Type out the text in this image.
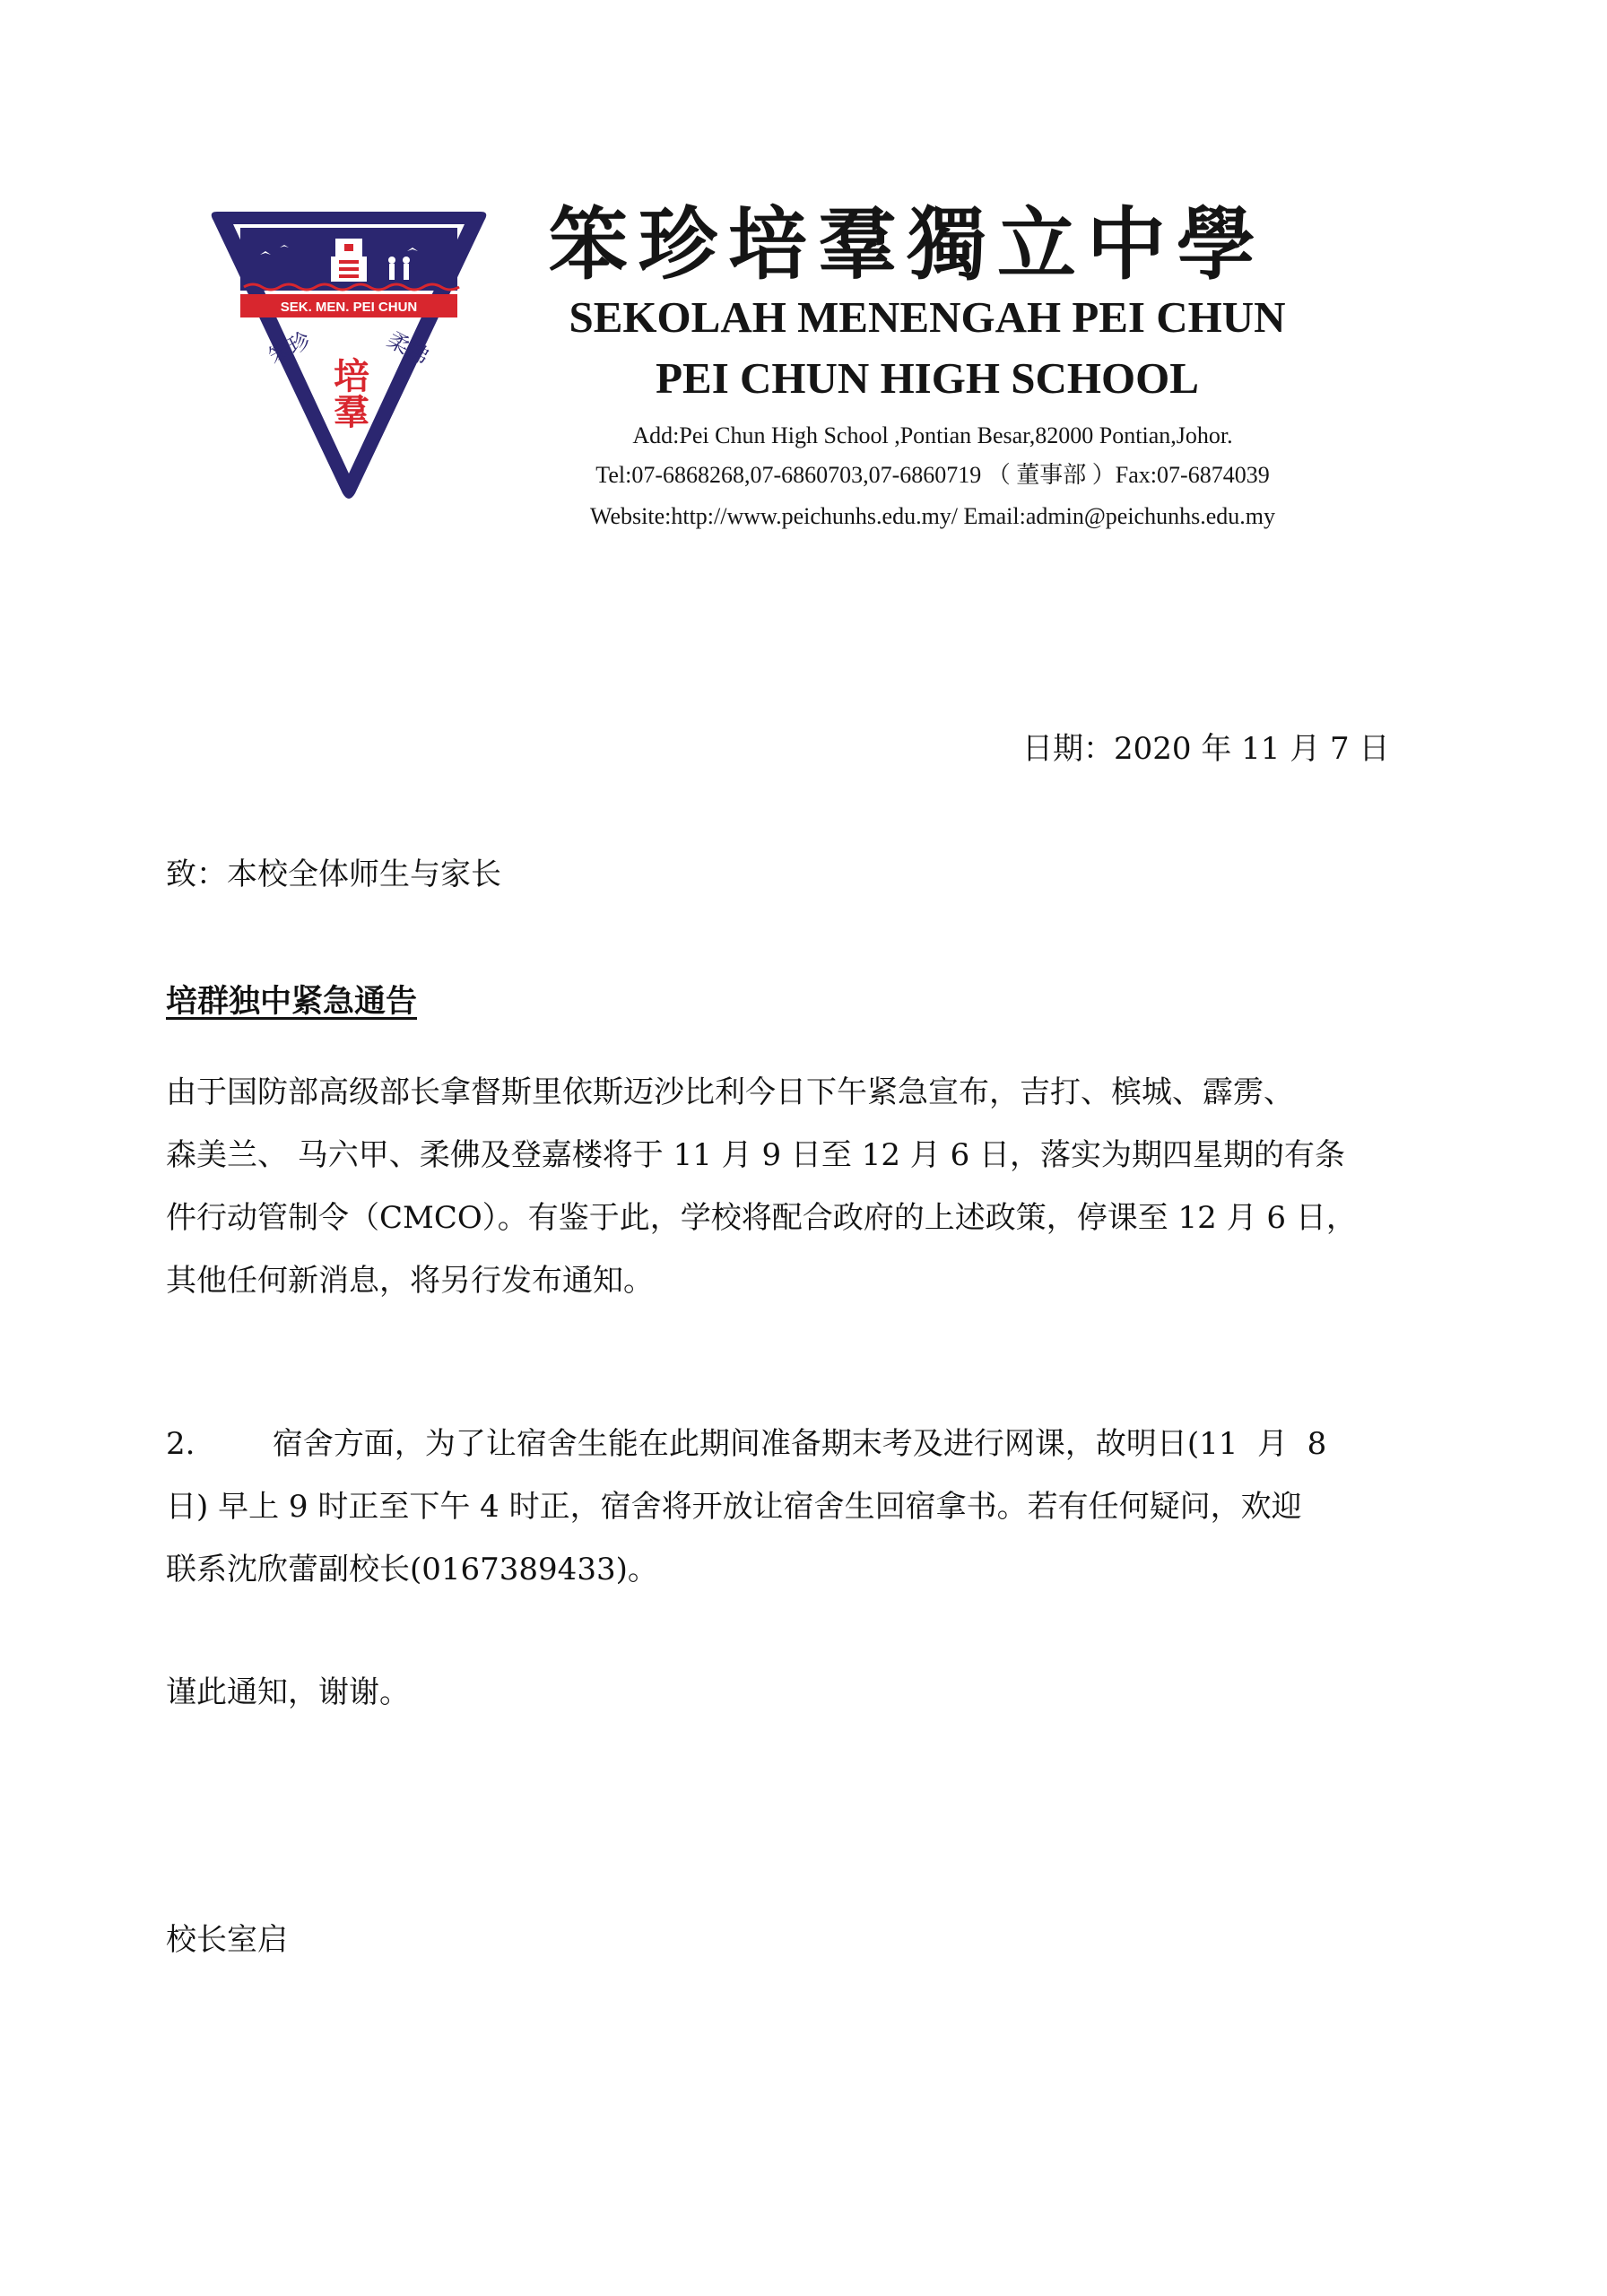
SEK. MEN. PEI CHUN
笨珍	柔佛
培羣
笨珍培羣獨立中學
SEKOLAH MENENGAH PEI CHUN
PEI CHUN HIGH SCHOOL
Add:Pei Chun High School ,Pontian Besar,82000 Pontian,Johor.
Tel:07-6868268,07-6860703,07-6860719 （ 董事部 ）Fax:07-6874039
Website:http://www.peichunhs.edu.my/ Email:admin@peichunhs.edu.my
日期：2020 年 11 月 7 日
致：本校全体师生与家长
培群独中紧急通告
由于国防部高级部长拿督斯里依斯迈沙比利今日下午紧急宣布，吉打、槟城、霹雳、
森美兰、 马六甲、柔佛及登嘉楼将于 11 月 9 日至 12 月 6 日，落实为期四星期的有条
件行动管制令（CMCO）。有鉴于此，学校将配合政府的上述政策，停课至 12 月 6 日，
其他任何新消息，将另行发布通知。
2.        宿舍方面，为了让宿舍生能在此期间准备期末考及进行网课，故明日(11  月  8
日) 早上 9 时正至下午 4 时正，宿舍将开放让宿舍生回宿拿书。若有任何疑问，欢迎
联系沈欣蕾副校长(0167389433)。
谨此通知，谢谢。
校长室启
